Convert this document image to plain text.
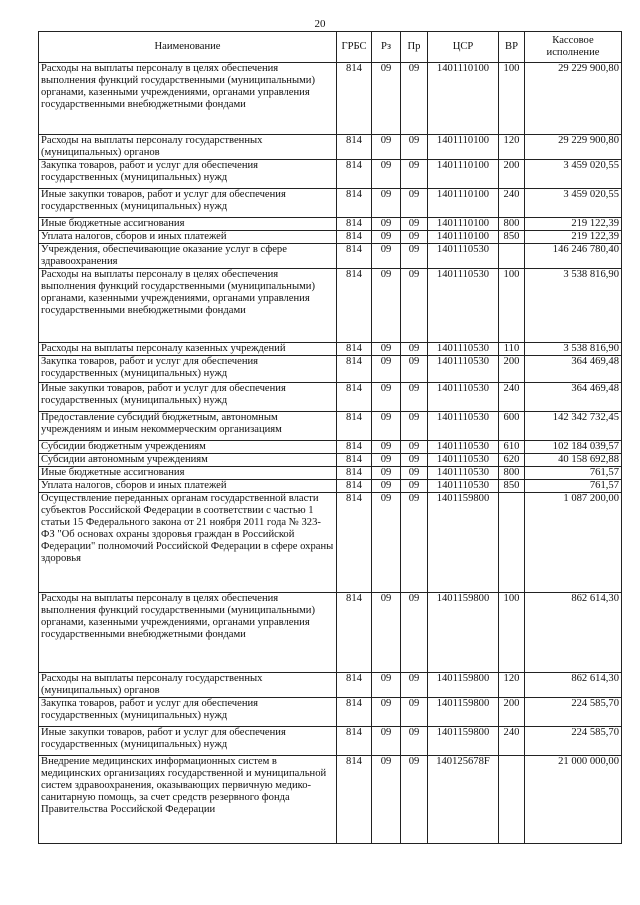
20
Наименование	ГРБС	Рз	Пр	ЦСР	ВР	Кассовое исполнение
Расходы на выплаты персоналу в целях обеспечения выполнения функций государственными (муниципальными) органами, казенными учреждениями, органами управления государственными внебюджетными фондами	814	09	09	1401110100	100	29 229 900,80
Расходы на выплаты персоналу государственных (муниципальных) органов	814	09	09	1401110100	120	29 229 900,80
Закупка товаров, работ и услуг для обеспечения государственных (муниципальных) нужд	814	09	09	1401110100	200	3 459 020,55
Иные закупки товаров, работ и услуг для обеспечения государственных (муниципальных) нужд	814	09	09	1401110100	240	3 459 020,55
Иные бюджетные ассигнования	814	09	09	1401110100	800	219 122,39
Уплата налогов, сборов и иных платежей	814	09	09	1401110100	850	219 122,39
Учреждения, обеспечивающие оказание услуг в сфере здравоохранения	814	09	09	1401110530		146 246 780,40
Расходы на выплаты персоналу в целях обеспечения выполнения функций государственными (муниципальными) органами, казенными учреждениями, органами управления государственными внебюджетными фондами	814	09	09	1401110530	100	3 538 816,90
Расходы на выплаты персоналу казенных учреждений	814	09	09	1401110530	110	3 538 816,90
Закупка товаров, работ и услуг для обеспечения государственных (муниципальных) нужд	814	09	09	1401110530	200	364 469,48
Иные закупки товаров, работ и услуг для обеспечения государственных (муниципальных) нужд	814	09	09	1401110530	240	364 469,48
Предоставление субсидий бюджетным, автономным учреждениям и иным некоммерческим организациям	814	09	09	1401110530	600	142 342 732,45
Субсидии бюджетным учреждениям	814	09	09	1401110530	610	102 184 039,57
Субсидии автономным учреждениям	814	09	09	1401110530	620	40 158 692,88
Иные бюджетные ассигнования	814	09	09	1401110530	800	761,57
Уплата налогов, сборов и иных платежей	814	09	09	1401110530	850	761,57
Осуществление переданных органам государственной власти субъектов Российской Федерации в соответствии с частью 1 статьи 15 Федерального закона от 21 ноября 2011 года № 323-ФЗ "Об основах охраны здоровья граждан в Российской Федерации" полномочий Российской Федерации в сфере охраны здоровья	814	09	09	1401159800		1 087 200,00
Расходы на выплаты персоналу в целях обеспечения выполнения функций государственными (муниципальными) органами, казенными учреждениями, органами управления государственными внебюджетными фондами	814	09	09	1401159800	100	862 614,30
Расходы на выплаты персоналу государственных (муниципальных) органов	814	09	09	1401159800	120	862 614,30
Закупка товаров, работ и услуг для обеспечения государственных (муниципальных) нужд	814	09	09	1401159800	200	224 585,70
Иные закупки товаров, работ и услуг для обеспечения государственных (муниципальных) нужд	814	09	09	1401159800	240	224 585,70
Внедрение медицинских информационных систем в медицинских организациях государственной и муниципальной систем здравоохранения, оказывающих первичную медико-санитарную помощь, за счет средств резервного фонда Правительства Российской Федерации	814	09	09	140125678F		21 000 000,00
